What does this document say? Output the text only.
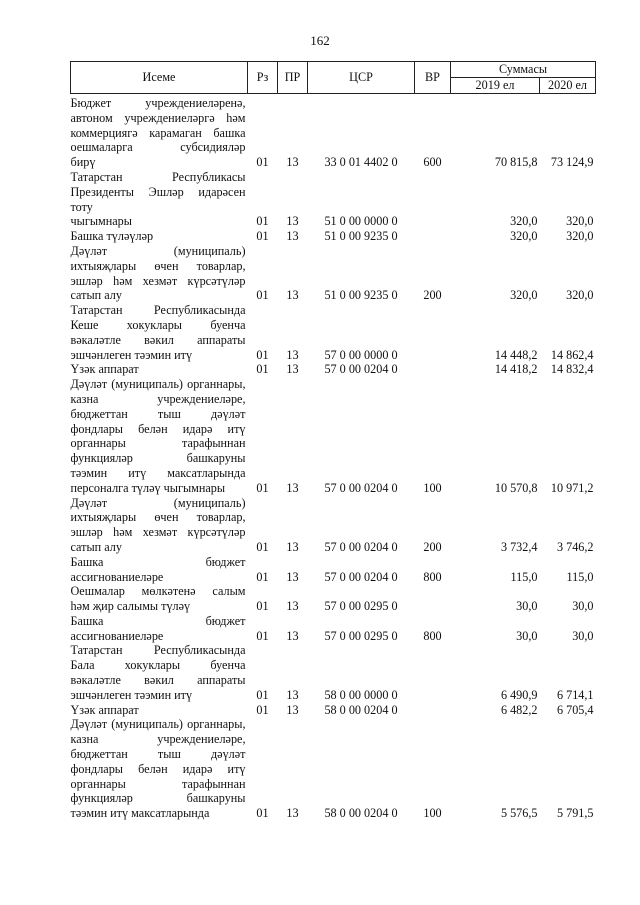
162
Исеме	Рз	ПР	ЦСР	ВР	Суммасы	
					2019 ел	2020 ел

Бюджет учреждениеләренә,
автоном учреждениеләргә һәм
коммерциягә карамаган башка оешмаларга субсидияләр
бирү	01	13	33 0 01 4402 0	600	70 815,8	73 124,9

Татарстан Республикасы Президенты Эшләр идарәсен тоту
чыгымнары	01	13	51 0 00 0000 0		320,0	320,0

Башка түләүләр	01	13	51 0 00 9235 0		320,0	320,0

Дәүләт (муниципаль)
ихтыяҗлары өчен товарлар,
эшләр һәм хезмәт күрсәтүләр
сатып алу	01	13	51 0 00 9235 0	200	320,0	320,0

Татарстан Республикасында
Кеше хокуклары буенча
вәкаләтле вәкил аппараты
эшчәнлеген тәэмин итү	01	13	57 0 00 0000 0		14 448,2	14 862,4

Үзәк аппарат	01	13	57 0 00 0204 0		14 418,2	14 832,4

Дәүләт (муниципаль) органнары, казна учреждениеләре,
бюджеттан тыш дәүләт фондлары белән идарә итү органнары тарафыннан
функцияләр башкаруны
тәэмин итү максатларында
персоналга түләү чыгымнары	01	13	57 0 00 0204 0	100	10 570,8	10 971,2

Дәүләт (муниципаль)
ихтыяҗлары өчен товарлар,
эшләр һәм хезмәт күрсәтүләр
сатып алу	01	13	57 0 00 0204 0	200	3 732,4	3 746,2

Башка бюджет
ассигнованиеләре	01	13	57 0 00 0204 0	800	115,0	115,0

Оешмалар мөлкәтенә салым
һәм җир салымы түләү	01	13	57 0 00 0295 0		30,0	30,0

Башка бюджет
ассигнованиеләре	01	13	57 0 00 0295 0	800	30,0	30,0

Татарстан Республикасында
Бала хокуклары буенча
вәкаләтле вәкил аппараты
эшчәнлеген тәэмин итү	01	13	58 0 00 0000 0		6 490,9	6 714,1

Үзәк аппарат	01	13	58 0 00 0204 0		6 482,2	6 705,4

Дәүләт (муниципаль) органнары, казна учреждениеләре,
бюджеттан тыш дәүләт фондлары белән идарә итү органнары тарафыннан
функцияләр башкаруны
тәэмин итү максатларында	01	13	58 0 00 0204 0	100	5 576,5	5 791,5
